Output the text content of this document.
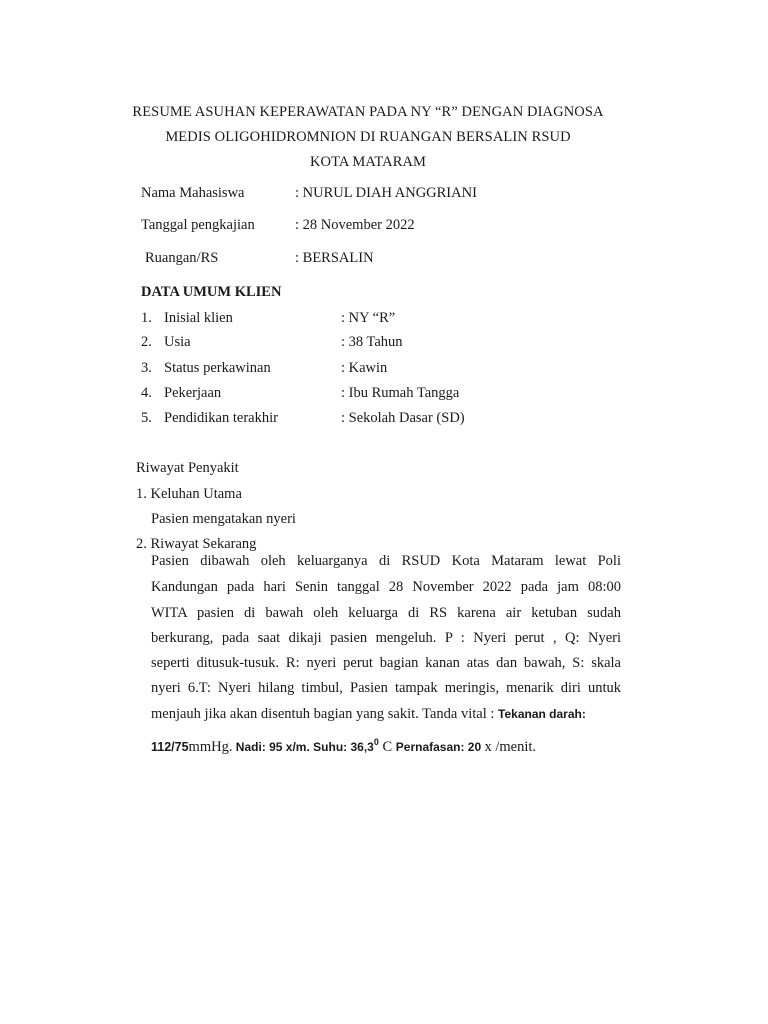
RESUME ASUHAN KEPERAWATAN PADA NY “R” DENGAN DIAGNOSA
MEDIS OLIGOHIDROMNION DI RUANGAN BERSALIN RSUD
KOTA MATARAM
Nama Mahasiswa	: NURUL DIAH ANGGRIANI
Tanggal pengkajian	: 28 November 2022
Ruangan/RS	: BERSALIN
DATA UMUM KLIEN
1. Inisial klien	: NY “R”
2. Usia	: 38 Tahun
3. Status perkawinan	: Kawin
4. Pekerjaan	: Ibu Rumah Tangga
5. Pendidikan terakhir	: Sekolah Dasar (SD)
Riwayat Penyakit
1. Keluhan Utama
Pasien mengatakan nyeri
2. Riwayat Sekarang
Pasien dibawah oleh keluarganya di RSUD Kota Mataram lewat Poli
Kandungan pada hari Senin tanggal 28 November 2022 pada jam 08:00
WITA pasien di bawah oleh keluarga di RS karena air ketuban sudah
berkurang, pada saat dikaji pasien mengeluh. P : Nyeri perut , Q: Nyeri
seperti ditusuk-tusuk. R: nyeri perut bagian kanan atas dan bawah, S: skala
nyeri 6.T: Nyeri hilang timbul, Pasien tampak meringis, menarik diri untuk
menjauh jika akan disentuh bagian yang sakit. Tanda vital : Tekanan darah:
112/75mmHg. Nadi: 95 x/m. Suhu: 36,3$^0$ C Pernafasan: 20 x /menit.
